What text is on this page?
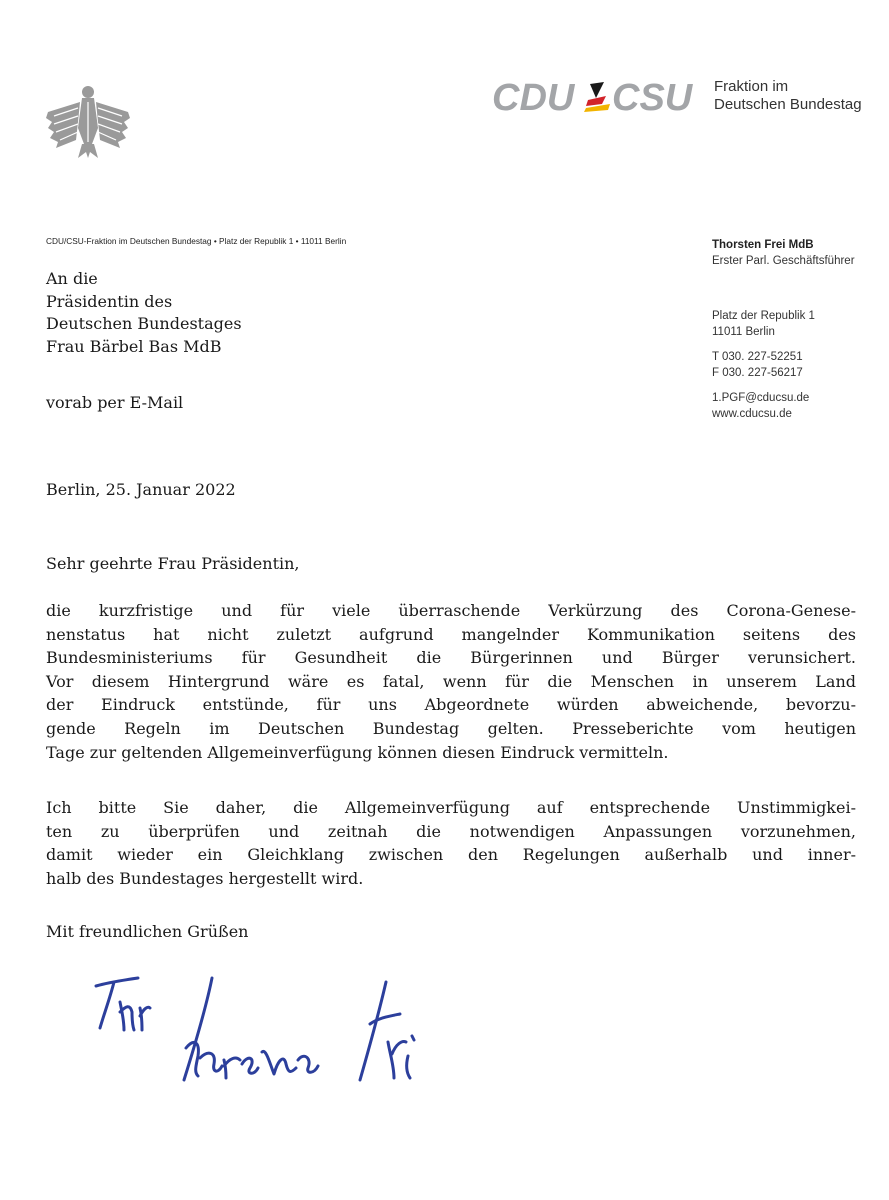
CDU CSU Fraktion im
Deutschen Bundestag
CDU/CSU-Fraktion im Deutschen Bundestag • Platz der Republik 1 • 11011 Berlin	Thorsten Frei MdB
Erster Parl. Geschäftsführer
Platz der Republik 1
11011 Berlin
T 030. 227-52251
F 030. 227-56217
1.PGF@cducsu.de
www.cducsu.de
An die
Präsidentin des
Deutschen Bundestages
Frau Bärbel Bas MdB
vorab per E-Mail
Berlin, 25. Januar 2022
Sehr geehrte Frau Präsidentin,
die kurzfristige und für viele überraschende Verkürzung des Corona-Genese-
nenstatus hat nicht zuletzt aufgrund mangelnder Kommunikation seitens des
Bundesministeriums für Gesundheit die Bürgerinnen und Bürger verunsichert.
Vor diesem Hintergrund wäre es fatal, wenn für die Menschen in unserem Land
der Eindruck entstünde, für uns Abgeordnete würden abweichende, bevorzu-
gende Regeln im Deutschen Bundestag gelten. Presseberichte vom heutigen
Tage zur geltenden Allgemeinverfügung können diesen Eindruck vermitteln.
Ich bitte Sie daher, die Allgemeinverfügung auf entsprechende Unstimmigkei-
ten zu überprüfen und zeitnah die notwendigen Anpassungen vorzunehmen,
damit wieder ein Gleichklang zwischen den Regelungen außerhalb und inner-
halb des Bundestages hergestellt wird.
Mit freundlichen Grüßen
